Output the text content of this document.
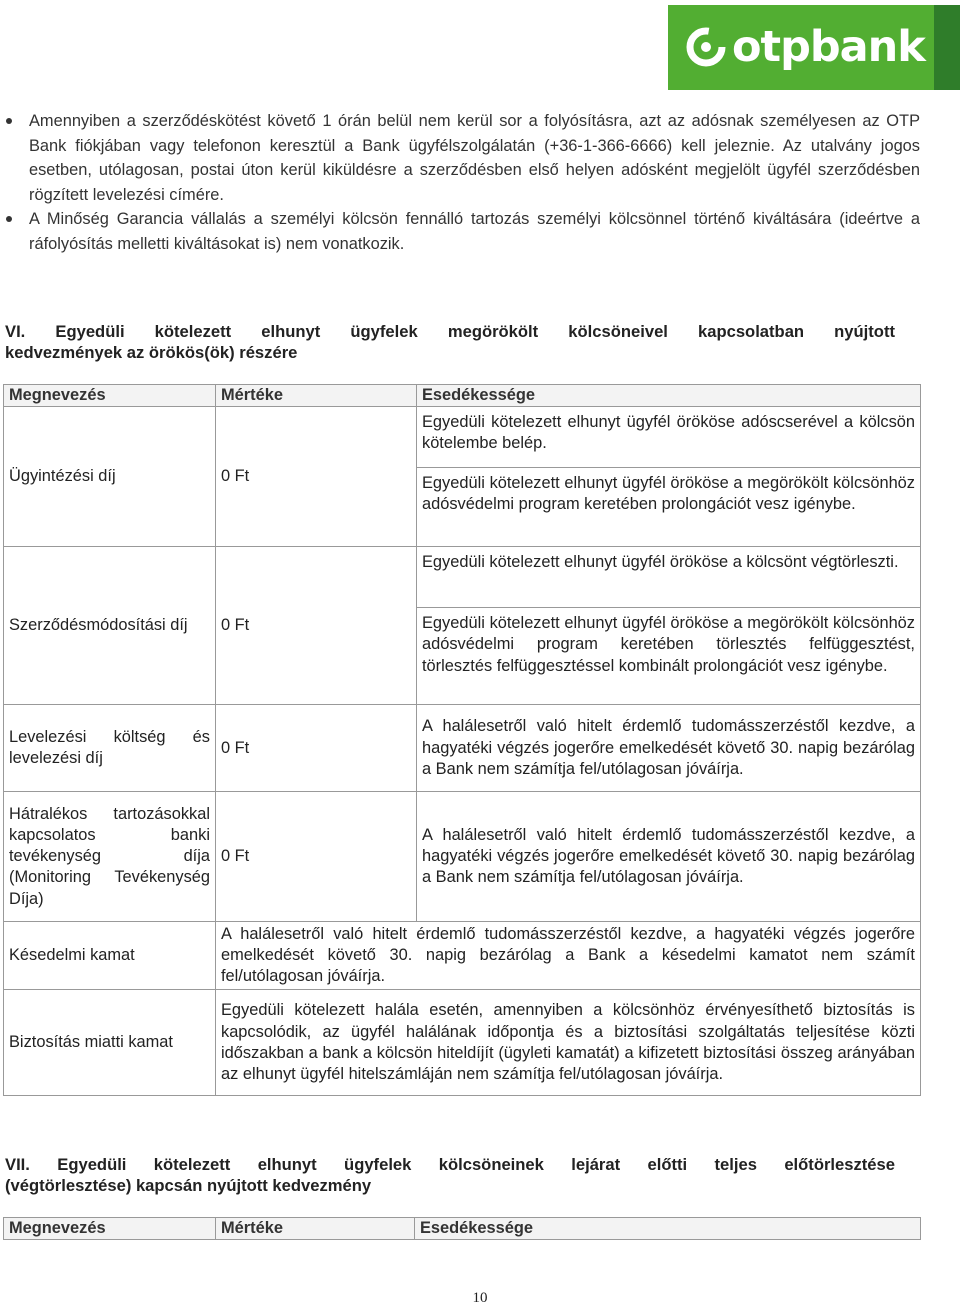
otpbank
Amennyiben a szerződéskötést követő 1 órán belül nem kerül sor a folyósításra, azt az adósnak személyesen az OTP Bank fiókjában vagy telefonon keresztül a Bank ügyfélszolgálatán (+36-1-366-6666) kell jeleznie. Az utalvány jogos esetben, utólagosan, postai úton kerül kiküldésre a szerződésben első helyen adósként megjelölt ügyfél szerződésben rögzített levelezési címére.
A Minőség Garancia vállalás a személyi kölcsön fennálló tartozás személyi kölcsönnel történő kiváltására (ideértve a ráfolyósítás melletti kiváltásokat is) nem vonatkozik.
VI. Egyedüli kötelezett elhunyt ügyfelek megörökölt kölcsöneivel kapcsolatban nyújtott
kedvezmények az örökös(ök) részére
Megnevezés	Mértéke	Esedékessége
Ügyintézési díj	0 Ft	Egyedüli kötelezett elhunyt ügyfél örököse adóscserével a kölcsön kötelembe belép.
Egyedüli kötelezett elhunyt ügyfél örököse a megörökölt kölcsönhöz adósvédelmi program keretében prolongációt vesz igénybe.

Szerződésmódosítási díj	0 Ft	Egyedüli kötelezett elhunyt ügyfél örököse a kölcsönt végtörleszti.
Egyedüli kötelezett elhunyt ügyfél örököse a megörökölt kölcsönhöz adósvédelmi program keretében törlesztés felfüggesztést, törlesztés felfüggesztéssel kombinált prolongációt vesz igénybe.

Levelezési költség és levelezési díj	0 Ft	A halálesetről való hitelt érdemlő tudomásszerzéstől kezdve, a hagyatéki végzés jogerőre emelkedését követő 30. napig bezárólag a Bank nem számítja fel/utólagosan jóváírja.
Hátralékos tartozásokkal kapcsolatos banki tevékenység díja (Monitoring Tevékenység Díja)	0 Ft	A halálesetről való hitelt érdemlő tudomásszerzéstől kezdve, a hagyatéki végzés jogerőre emelkedését követő 30. napig bezárólag a Bank nem számítja fel/utólagosan jóváírja.
Késedelmi kamat	A halálesetről való hitelt érdemlő tudomásszerzéstől kezdve, a hagyatéki végzés jogerőre emelkedését követő 30. napig bezárólag a Bank a késedelmi kamatot nem számít fel/utólagosan jóváírja.	
Biztosítás miatti kamat	Egyedüli kötelezett halála esetén, amennyiben a kölcsönhöz érvényesíthető biztosítás is kapcsolódik, az ügyfél halálának időpontja és a biztosítási szolgáltatás teljesítése közti időszakban a bank a kölcsön hiteldíjít (ügyleti kamatát) a kifizetett biztosítási összeg arányában az elhunyt ügyfél hitelszámláján nem számítja fel/utólagosan jóváírja.	
VII. Egyedüli kötelezett elhunyt ügyfelek kölcsöneinek lejárat előtti teljes előtörlesztése
(végtörlesztése) kapcsán nyújtott kedvezmény
Megnevezés	Mértéke	Esedékessége
10
